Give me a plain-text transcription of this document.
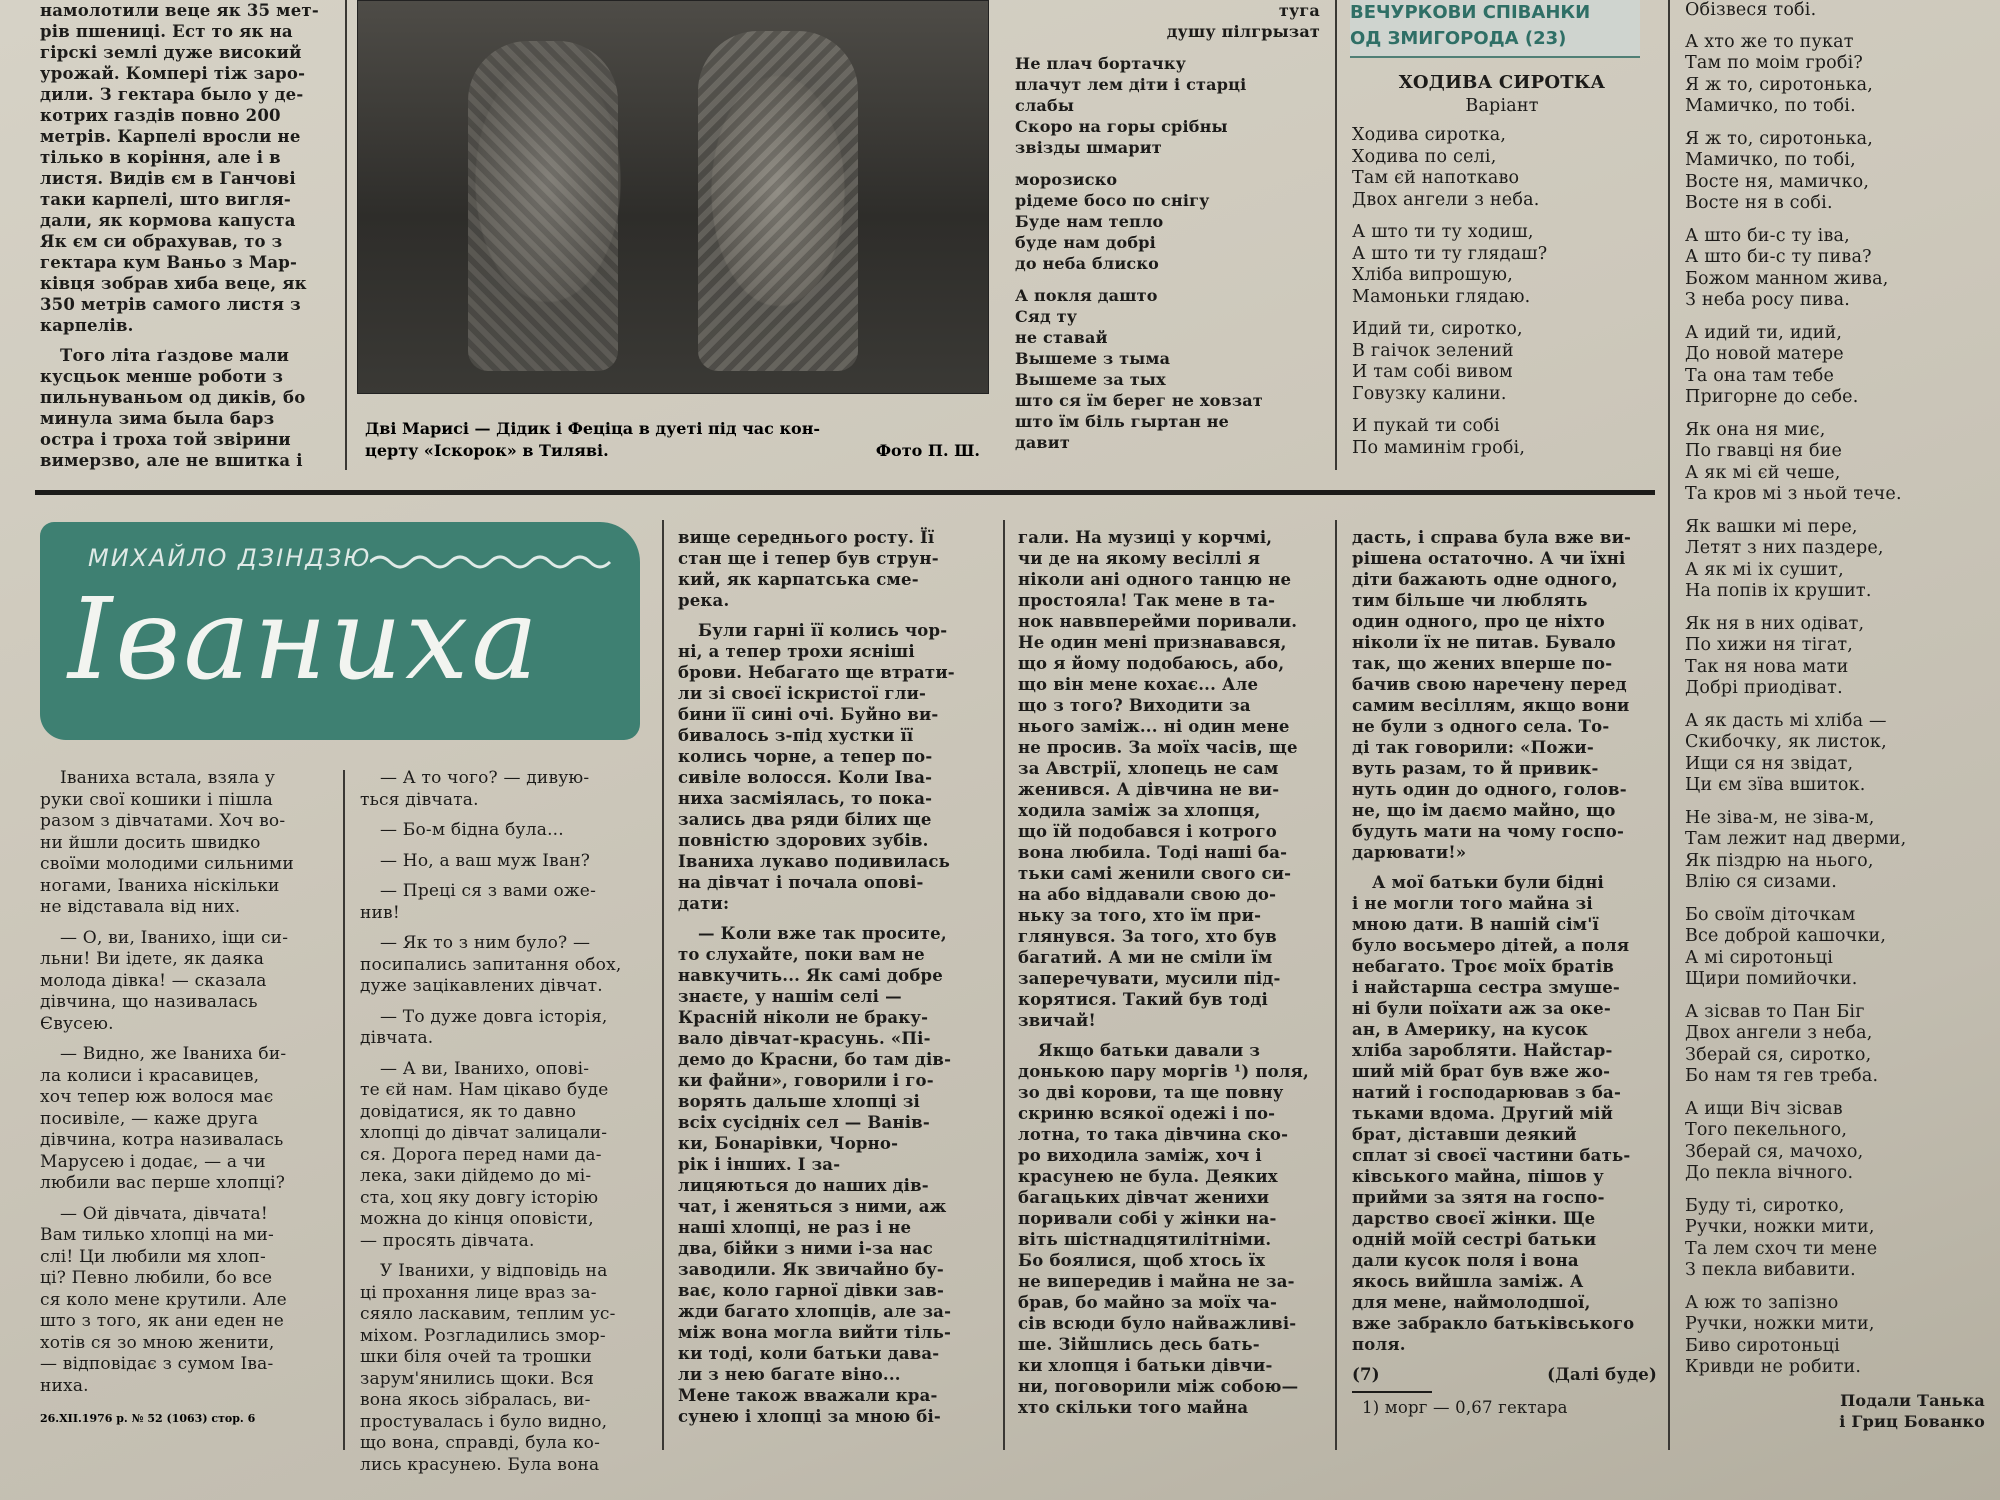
намолотили веце як 35 мет-
рів пшениці. Ест то як на
гірскі землі дуже високий
урожай. Компері тіж заро-
дили. З гектара было у де-
котрих газдів повно 200
метрів. Карпелі вросли не
тілько в коріння, але і в
листя. Видів єм в Ганчові
таки карпелі, што вигля-
дали, як кормова капуста
Як єм си обрахував, то з
гектара кум Ваньо з Мар-
ківця зобрав хиба веце, як
350 метрів самого листя з
карпелів.

Того літа ґаздове мали
кусцьок менше роботи з
пильнуваньом од диків, бо
минула зима была барз
остра і троха той звірини
вимерзво, але не вшитка і

Дві Марисі — Дідик і Феціца в дуеті під час кон-
церту «Іскорок» в Тиляві.	Фото П. Ш.

туга
душу пілгрызат

Не плач бортачку
плачут лем діти і старці
слабы
Скоро на горы срібны
звізды шмарит

морозиско
pідеме босо по снігу
Буде нам тепло
буде нам добрі
до неба блиско

А покля дашто
Сяд ту
не ставай
Вышеме з тыма
Вышеме за тых
што ся їм берег не ховзат
што їм біль гыртан не
давит

ВЕЧУРКОВИ СПІВАНКИ
ОД ЗМИГОРОДА (23)
ХОДИВА СИРОТКА
Варіант

Ходива сиротка,
Ходива по селі,
Там єй напоткаво
Двох ангели з неба.

А што ти ту ходиш,
А што ти ту глядаш?
Хліба випрошую,
Мамоньки глядаю.

Идий ти, сиротко,
В гаічок зелений
И там собі вивом
Говузку калини.

И пукай ти собі
По маминім гробі,

Обізвеся тобі.

А хто же то пукат
Там по моім гробі?
Я ж то, сиротонька,
Мамичко, по тобі.

Я ж то, сиротонька,
Мамичко, по тобі,
Восте ня, мамичко,
Восте ня в собі.

А што би-с ту іва,
А што би-с ту пива?
Божом манном жива,
З неба росу пива.

А идий ти, идий,
До новой матере
Та она там тебе
Пригорне до себе.

Як она ня миє,
По гвавці ня бие
А як мі єй чеше,
Та кров мі з ньой тече.

Як вашки мі пере,
Летят з них паздере,
А як мі іх сушит,
На попів іх крушит.

Як ня в них одіват,
По хижи ня тігат,
Так ня нова мати
Добрі приодіват.

А як дасть мі хліба —
Скибочку, як листок,
Ищи ся ня звідат,
Ци єм зїва вшиток.

Не зіва-м, не зіва-м,
Там лежит над дверми,
Як піздрю на нього,
Влію ся сизами.

Бо своїм діточкам
Все доброй кашочки,
А мі сиротоньці
Щири помийочки.

А зісвав то Пан Біг
Двох ангели з неба,
Зберай ся, сиротко,
Бо нам тя гев треба.

А ищи Віч зісвав
Того пекельного,
Зберай ся, мачохо,
До пекла вічного.

Буду ті, сиротко,
Ручки, ножки мити,
Та лем схоч ти мене
З пекла вибавити.

А юж то запізно
Ручки, ножки мити,
Биво сиротоньці
Кривди не робити.

Подали Танька
і Гриц Бованко
МИХАЙЛО ДЗІНДЗЮ
Іваниха

Іваниха встала, взяла у
руки свої кошики і пішла
разом з дівчатами. Хоч во-
ни йшли досить швидко
своїми молодими сильними
ногами, Іваниха ніскільки
не відставала від них.

— О, ви, Іванихо, іщи си-
льни! Ви ідете, як даяка
молода дівка! — сказала
дівчина, що називалась
Євусею.

— Видно, же Іваниха би-
ла колиси і красавицев,
хоч тепер юж волося має
посивіле, — каже друга
дівчина, котра називалась
Марусею і додає, — а чи
любили вас перше хлопці?

— Ой дівчата, дівчата!
Вам тилько хлопці на ми-
слі! Ци любили мя хлоп-
ці? Певно любили, бо все
ся коло мене крутили. Але
што з того, як ани еден не
хотів ся зо мною женити,
— відповідає з сумом Іва-
ниха.

26.XII.1976 р. № 52 (1063) стор. 6

— А то чого? — дивую-
ться дівчата.

— Бо-м бідна була...

— Но, а ваш муж Іван?

— Преці ся з вами оже-
нив!

— Як то з ним було? —
посипались запитання обох,
дуже зацікавлених дівчат.

— То дуже довга історія,
дівчата.

— А ви, Іванихо, опові-
те єй нам. Нам цікаво буде
довідатися, як то давно
хлопці до дівчат залицали-
ся. Дорога перед нами да-
лека, заки дійдемо до мі-
ста, хоц яку довгу історію
можна до кінця оповісти,
— просять дівчата.

У Іванихи, у відповідь на
ці прохання лице враз за-
сяяло ласкавим, теплим ус-
міхом. Розгладились змор-
шки біля очей та трошки
зарум'янились щоки. Вся
вона якось зібралась, ви-
простувалась і було видно,
що вона, справді, була ко-
лись красунею. Була вона

вище середнього росту. Її
стан ще і тепер був струн-
кий, як карпатська сме-
река.

Були гарні її колись чор-
ні, а тепер трохи ясніші
брови. Небагато ще втрати-
ли зі своєї іскристої гли-
бини її сині очі. Буйно ви-
бивалось з-під хустки її
колись чорне, а тепер по-
сивіле волосся. Коли Іва-
ниха засміялась, то пока-
зались два ряди білих ще
повністю здорових зубів.
Іваниха лукаво подивилась
на дівчат і почала опові-
дати:

— Коли вже так просите,
то слухайте, поки вам не
навкучить... Як самі добре
знаєте, у нашім селі —
Красній ніколи не браку-
вало дівчат-красунь. «Пі-
демо до Красни, бо там дів-
ки файни», говорили і го-
ворять дальше хлопці зі
всіх сусідніх сел — Ванів-
ки, Бонарівки, Чорно-
рік і інших. І за-
лицяються до наших дів-
чат, і женяться з ними, аж
наші хлопці, не раз і не
два, бійки з ними і-за нас
заводили. Як звичайно бу-
ває, коло гарної дівки зав-
жди багато хлопців, але за-
між вона могла вийти тіль-
ки тоді, коли батьки дава-
ли з нею багате віно...
Мене також вважали кра-
сунею і хлопці за мною бі-

гали. На музиці у корчмі,
чи де на якому весіллі я
ніколи ані одного танцю не
простояла! Так мене в та-
нок наввперейми поривали.
Не один мені признавався,
що я йому подобаюсь, або,
що він мене кохає... Але
що з того? Виходити за
нього заміж... ні один мене
не просив. За моїх часів, ще
за Австрії, хлопець не сам
женився. А дівчина не ви-
ходила заміж за хлопця,
що їй подобався і котрого
вона любила. Тоді наші ба-
тьки самі женили свого си-
на або віддавали свою до-
ньку за того, хто їм при-
глянувся. За того, хто був
багатий. А ми не сміли їм
заперечувати, мусили під-
корятися. Такий був тоді
звичай!

Якщо батьки давали з
донькою пару моргів ¹) поля,
зо дві корови, та ще повну
скриню всякої одежі і по-
лотна, то така дівчина ско-
ро виходила заміж, хоч і
красунею не була. Деяких
багацьких дівчат женихи
поривали собі у жінки на-
віть шістнадцятилітніми.
Бо боялися, щоб хтось їх
не випередив і майна не за-
брав, бо майно за моїх ча-
сів всюди було найважливі-
ше. Зійшлись десь бать-
ки хлопця і батьки дівчи-
ни, поговорили між собою—
хто скільки того майна

дасть, і справа була вже ви-
рішена остаточно. А чи їхні
діти бажають одне одного,
тим більше чи люблять
один одного, про це ніхто
ніколи їх не питав. Бувало
так, що жених вперше по-
бачив свою наречену перед
самим весіллям, якщо вони
не були з одного села. То-
ді так говорили: «Пожи-
вуть разам, то й привик-
нуть один до одного, голов-
не, що ім даємо майно, що
будуть мати на чому госпо-
дарювати!»

А мої батьки були бідні
і не могли того майна зі
мною дати. В нашій сім'ї
було восьмеро дітей, а поля
небагато. Троє моїх братів
і найстарша сестра змуше-
ні були поїхати аж за оке-
ан, в Америку, на кусок
хліба заробляти. Найстар-
ший мій брат був вже жо-
натий і господарював з ба-
тьками вдома. Другий мій
брат, діставши деякий
сплат зі своєї частини бать-
ківського майна, пішов у
прийми за зятя на госпо-
дарство своєї жінки. Ще
одній моїй сестрі батьки
дали кусок поля і вона
якось вийшла заміж. А
для мене, наймолодшої,
вже забракло батьківського
поля.

(7)	(Далі буде)
1) морг — 0,67 гектара
